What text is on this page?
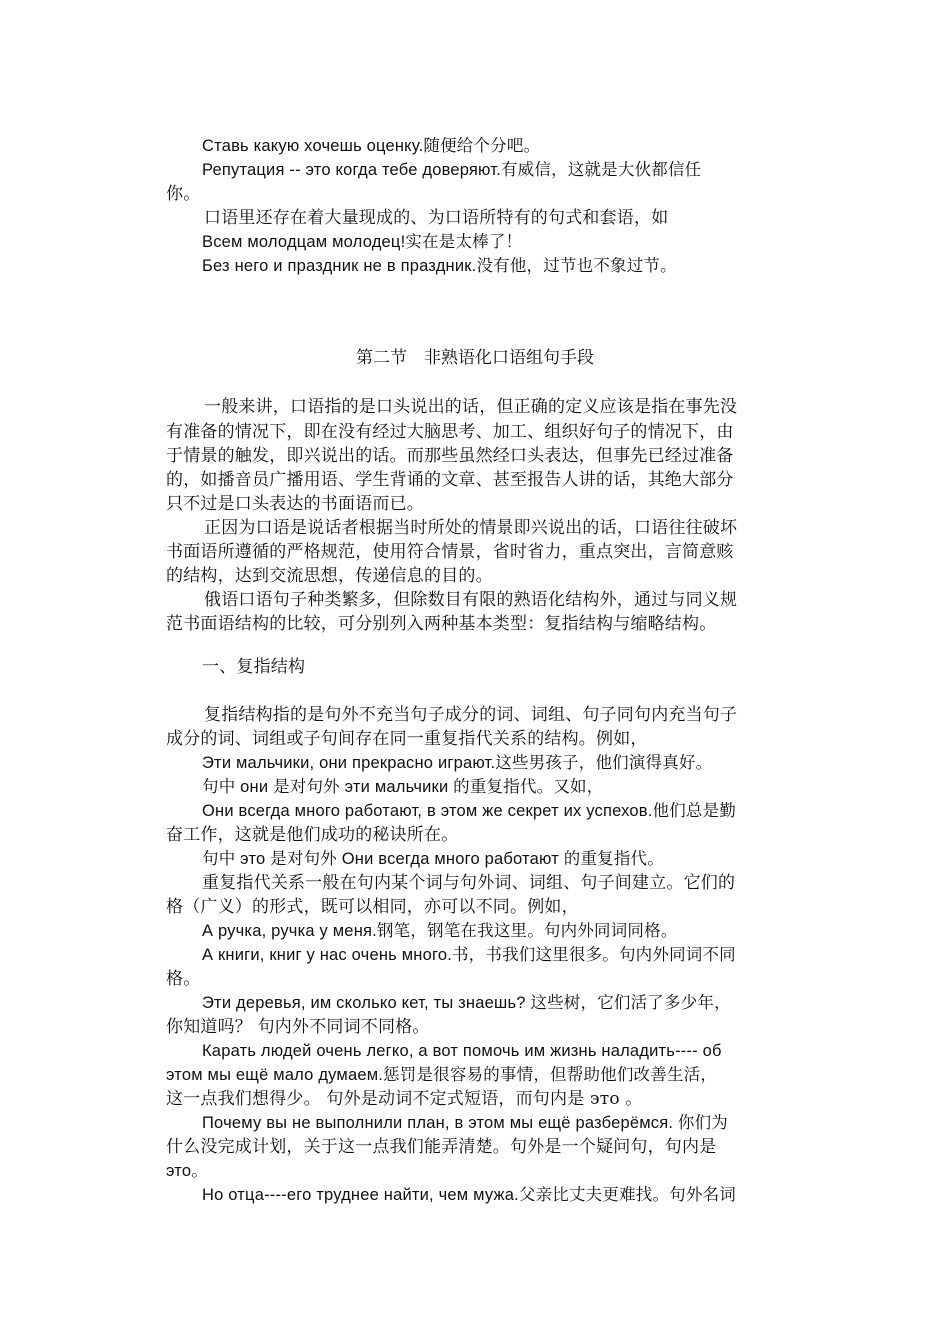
Ставь какую хочешь оценку.随便给个分吧。
Репутация -- это когда тебе доверяют.有威信，这就是大伙都信任
你。
口语里还存在着大量现成的、为口语所特有的句式和套语，如
Всем молодцам молодец!实在是太棒了！
Без него и праздник не в праздник.没有他，过节也不象过节。
第二节　非熟语化口语组句手段
一般来讲，口语指的是口头说出的话，但正确的定义应该是指在事先没
有准备的情况下，即在没有经过大脑思考、加工、组织好句子的情况下，由
于情景的触发，即兴说出的话。而那些虽然经口头表达，但事先已经过准备
的，如播音员广播用语、学生背诵的文章、甚至报告人讲的话，其绝大部分
只不过是口头表达的书面语而已。
正因为口语是说话者根据当时所处的情景即兴说出的话，口语往往破坏
书面语所遵循的严格规范，使用符合情景，省时省力，重点突出，言简意赅
的结构，达到交流思想，传递信息的目的。
俄语口语句子种类繁多，但除数目有限的熟语化结构外，通过与同义规
范书面语结构的比较，可分别列入两种基本类型：复指结构与缩略结构。
一、复指结构
复指结构指的是句外不充当句子成分的词、词组、句子同句内充当句子
成分的词、词组或子句间存在同一重复指代关系的结构。例如，
Эти мальчики, они прекрасно играют.这些男孩子，他们演得真好。
句中 они 是对句外 эти мальчики 的重复指代。又如，
Они всегда много работают, в этом же секрет их успехов.他们总是勤
奋工作，这就是他们成功的秘诀所在。
句中 это 是对句外 Они всегда много работают 的重复指代。
重复指代关系一般在句内某个词与句外词、词组、句子间建立。它们的
格（广义）的形式，既可以相同，亦可以不同。例如，
А ручка, ручка у меня.钢笔，钢笔在我这里。句内外同词同格。
А книги, книг у нас очень много.书，书我们这里很多。句内外同词不同
格。
Эти деревья, им сколько кет, ты знаешь? 这些树，它们活了多少年，
你知道吗？ 句内外不同词不同格。
Карать людей очень легко, а вот помочь им жизнь наладить---- об
этом мы ещё мало думаем.惩罚是很容易的事情，但帮助他们改善生活，
这一点我们想得少。 句外是动词不定式短语，而句内是 это 。
Почему вы не выполнили план, в этом мы ещё разберёмся. 你们为
什么没完成计划，关于这一点我们能弄清楚。句外是一个疑问句，句内是
это。
Но отца----его труднее найти, чем мужа.父亲比丈夫更难找。句外名词
